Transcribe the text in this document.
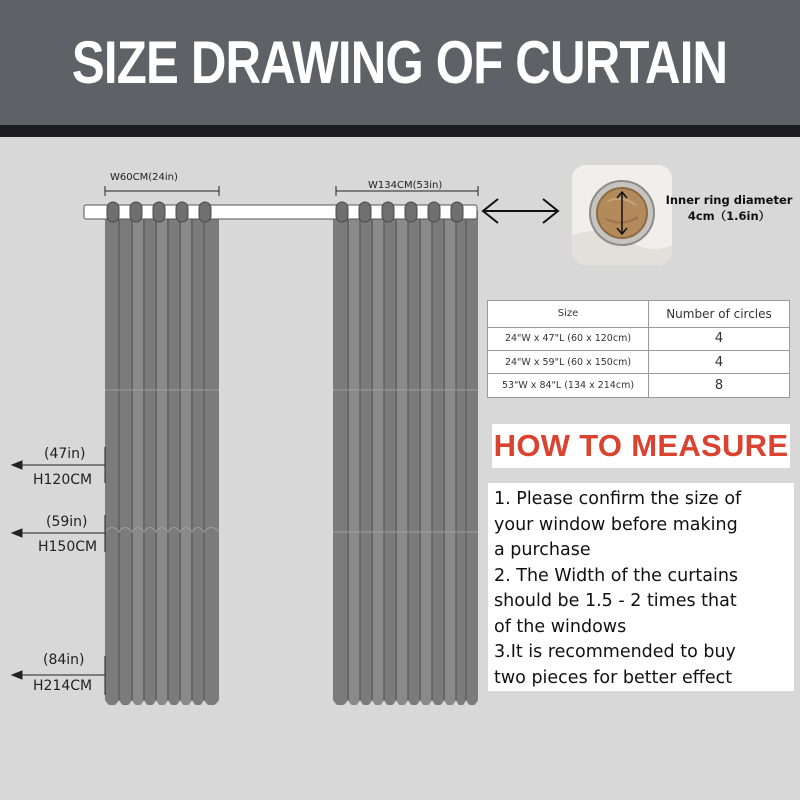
SIZE DRAWING OF CURTAIN
W60CM(24in)
W134CM(53in)
(47in)
H120CM
(59in)
H150CM
(84in)
H214CM
Inner ring diameter
4cm（1.6in）
Size	Number of circles
24"W x 47"L (60 x 120cm)	4
24"W x 59"L (60 x 150cm)	4
53"W x 84"L (134 x 214cm)	8
HOW TO MEASURE
1. Please confirm the size of
your window before making
a purchase
2. The Width of the curtains
should be 1.5 - 2 times that
of the windows
3.It is recommended to buy
two pieces for better effect
